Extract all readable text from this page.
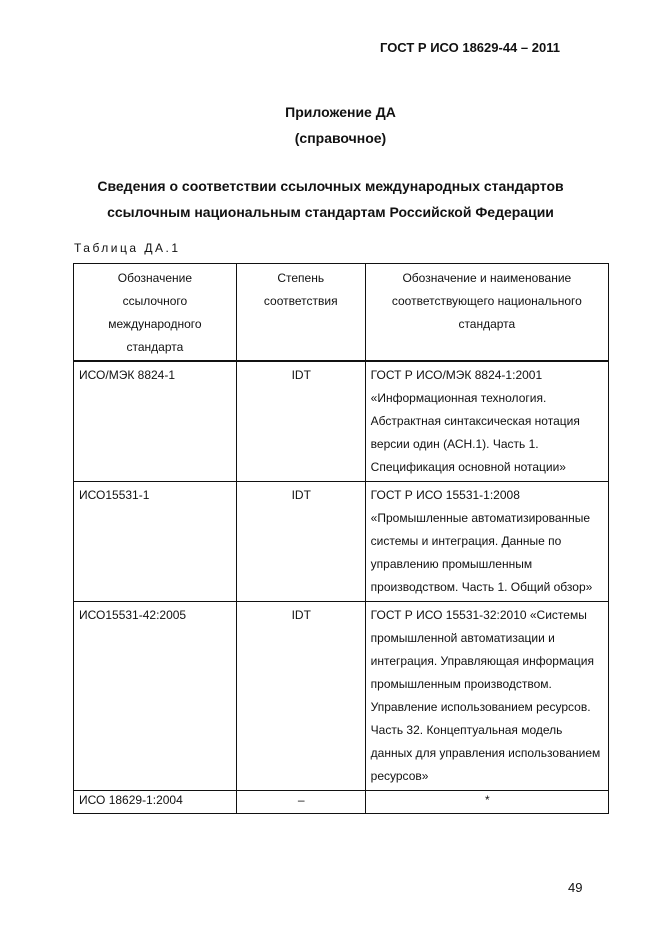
ГОСТ Р ИСО 18629-44 – 2011
Приложение ДА
(справочное)
Сведения о соответствии ссылочных международных стандартов
ссылочным национальным стандартам Российской Федерации
Таблица ДА.1
Обозначение ссылочного международного стандарта	Степень соответствия	Обозначение и наименование соответствующего национального стандарта
ИСО/МЭК 8824-1	IDT	ГОСТ Р ИСО/МЭК 8824-1:2001 «Информационная технология. Абстрактная синтаксическая нотация версии один (АСН.1). Часть 1. Спецификация основной нотации»
ИСО15531-1	IDT	ГОСТ Р ИСО 15531-1:2008 «Промышленные автоматизированные системы и интеграция. Данные по управлению промышленным производством. Часть 1. Общий обзор»
ИСО15531-42:2005	IDT	ГОСТ Р ИСО 15531-32:2010 «Системы промышленной автоматизации и интеграция. Управляющая информация промышленным производством. Управление использованием ресурсов. Часть 32. Концептуальная модель данных для управления использованием ресурсов»
ИСО 18629-1:2004	–	*
49
